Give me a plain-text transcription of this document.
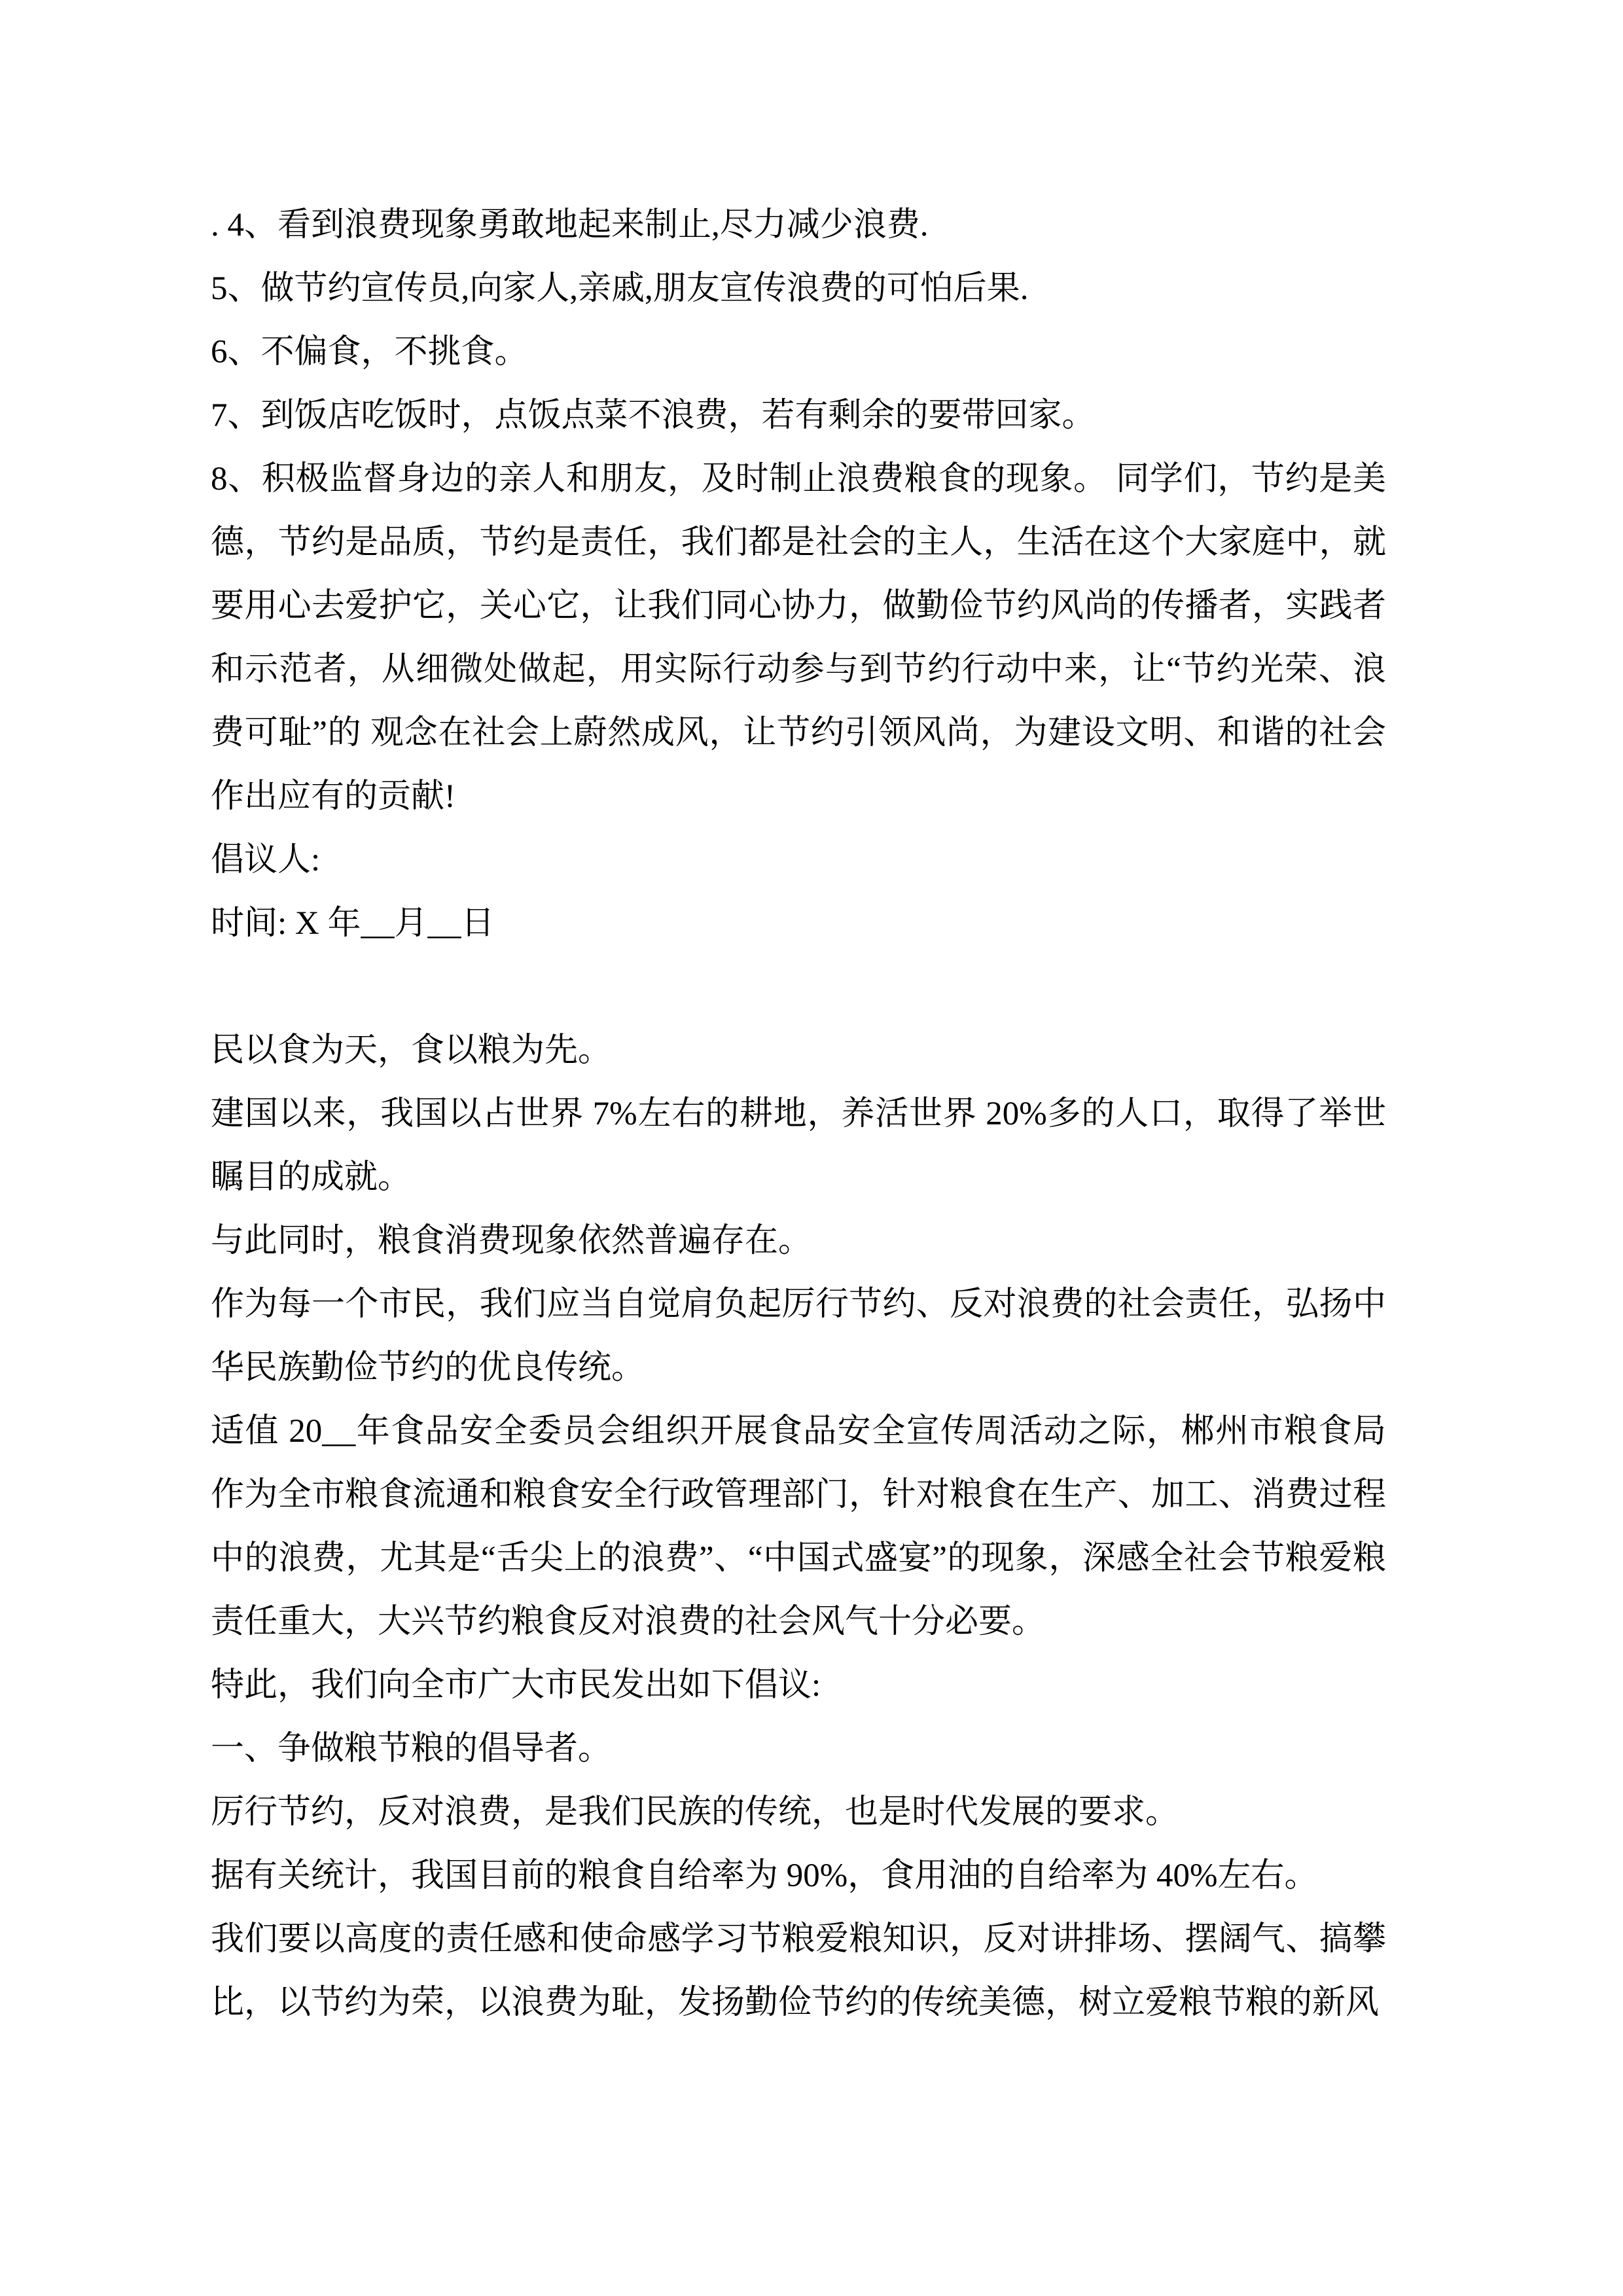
. 4、看到浪费现象勇敢地起来制止,尽力减少浪费.

5、做节约宣传员,向家人,亲戚,朋友宣传浪费的可怕后果.

6、不偏食，不挑食。

7、到饭店吃饭时，点饭点菜不浪费，若有剩余的要带回家。

8、积极监督身边的亲人和朋友，及时制止浪费粮食的现象。 同学们，节约是美德，节约是品质，节约是责任，我们都是社会的主人，生活在这个大家庭中，就要用心去爱护它，关心它，让我们同心协力，做勤俭节约风尚的传播者，实践者和示范者，从细微处做起，用实际行动参与到节约行动中来，让“节约光荣、浪费可耻”的 观念在社会上蔚然成风，让节约引领风尚，为建设文明、和谐的社会作出应有的贡献!

倡议人:

时间: X 年__月__日

民以食为天，食以粮为先。

建国以来，我国以占世界 7%左右的耕地，养活世界 20%多的人口，取得了举世瞩目的成就。

与此同时，粮食消费现象依然普遍存在。

作为每一个市民，我们应当自觉肩负起厉行节约、反对浪费的社会责任，弘扬中华民族勤俭节约的优良传统。

适值 20__年食品安全委员会组织开展食品安全宣传周活动之际，郴州市粮食局作为全市粮食流通和粮食安全行政管理部门，针对粮食在生产、加工、消费过程中的浪费，尤其是“舌尖上的浪费”、“中国式盛宴”的现象，深感全社会节粮爱粮责任重大，大兴节约粮食反对浪费的社会风气十分必要。

特此，我们向全市广大市民发出如下倡议:

一、争做粮节粮的倡导者。

厉行节约，反对浪费，是我们民族的传统，也是时代发展的要求。

据有关统计，我国目前的粮食自给率为 90%，食用油的自给率为 40%左右。

我们要以高度的责任感和使命感学习节粮爱粮知识，反对讲排场、摆阔气、搞攀比，以节约为荣，以浪费为耻，发扬勤俭节约的传统美德，树立爱粮节粮的新风
